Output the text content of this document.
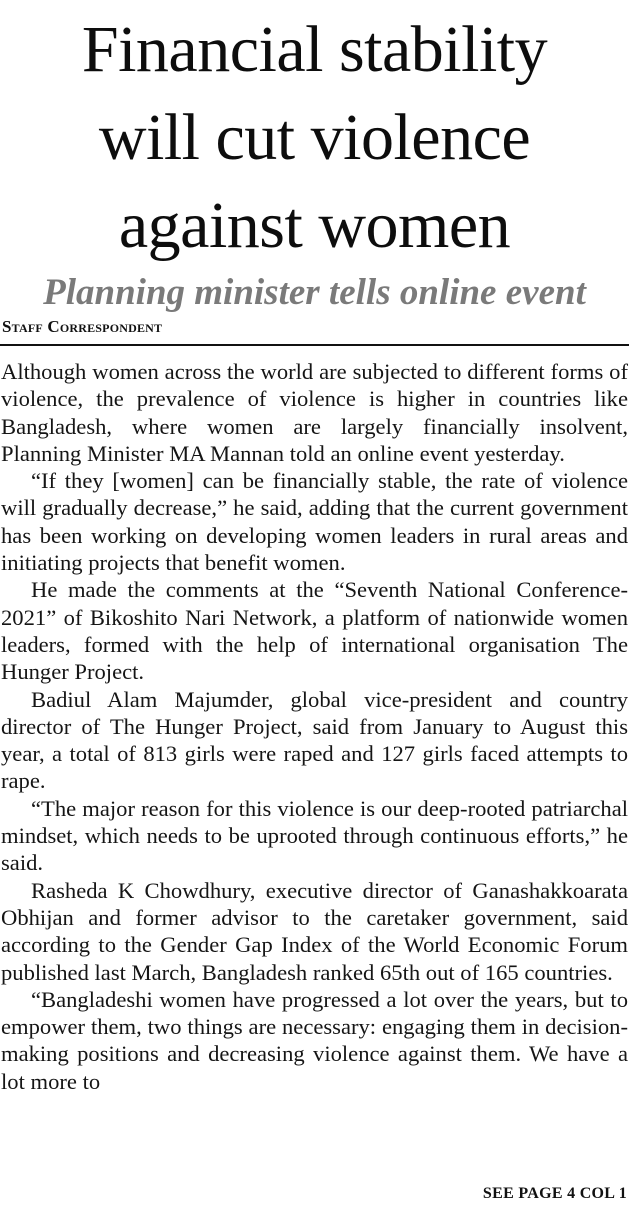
Financial stability
will cut violence
against women
Planning minister tells online event
Staff Correspondent

Although women across the world are subjected to different forms of violence, the prevalence of violence is higher in countries like Bangladesh, where women are largely financially insolvent, Planning Minister MA Mannan told an online event yesterday.

“If they [women] can be financially stable, the rate of violence will gradually decrease,” he said, adding that the current government has been working on developing women leaders in rural areas and initiating projects that benefit women.

He made the comments at the “Seventh National Conference-2021” of Bikoshito Nari Network, a platform of nationwide women leaders, formed with the help of international organisation The Hunger Project.

Badiul Alam Majumder, global vice-president and country director of The Hunger Project, said from January to August this year, a total of 813 girls were raped and 127 girls faced attempts to rape.

“The major reason for this violence is our deep-rooted patriarchal mindset, which needs to be uprooted through continuous efforts,” he said.

Rasheda K Chowdhury, executive director of Ganashakkoarata Obhijan and former advisor to the caretaker government, said according to the Gender Gap Index of the World Economic Forum published last March, Bangladesh ranked 65th out of 165 countries.

“Bangladeshi women have progressed a lot over the years, but to empower them, two things are necessary: engaging them in decision-making positions and decreasing violence against them. We have a lot more to

SEE PAGE 4 COL 1
